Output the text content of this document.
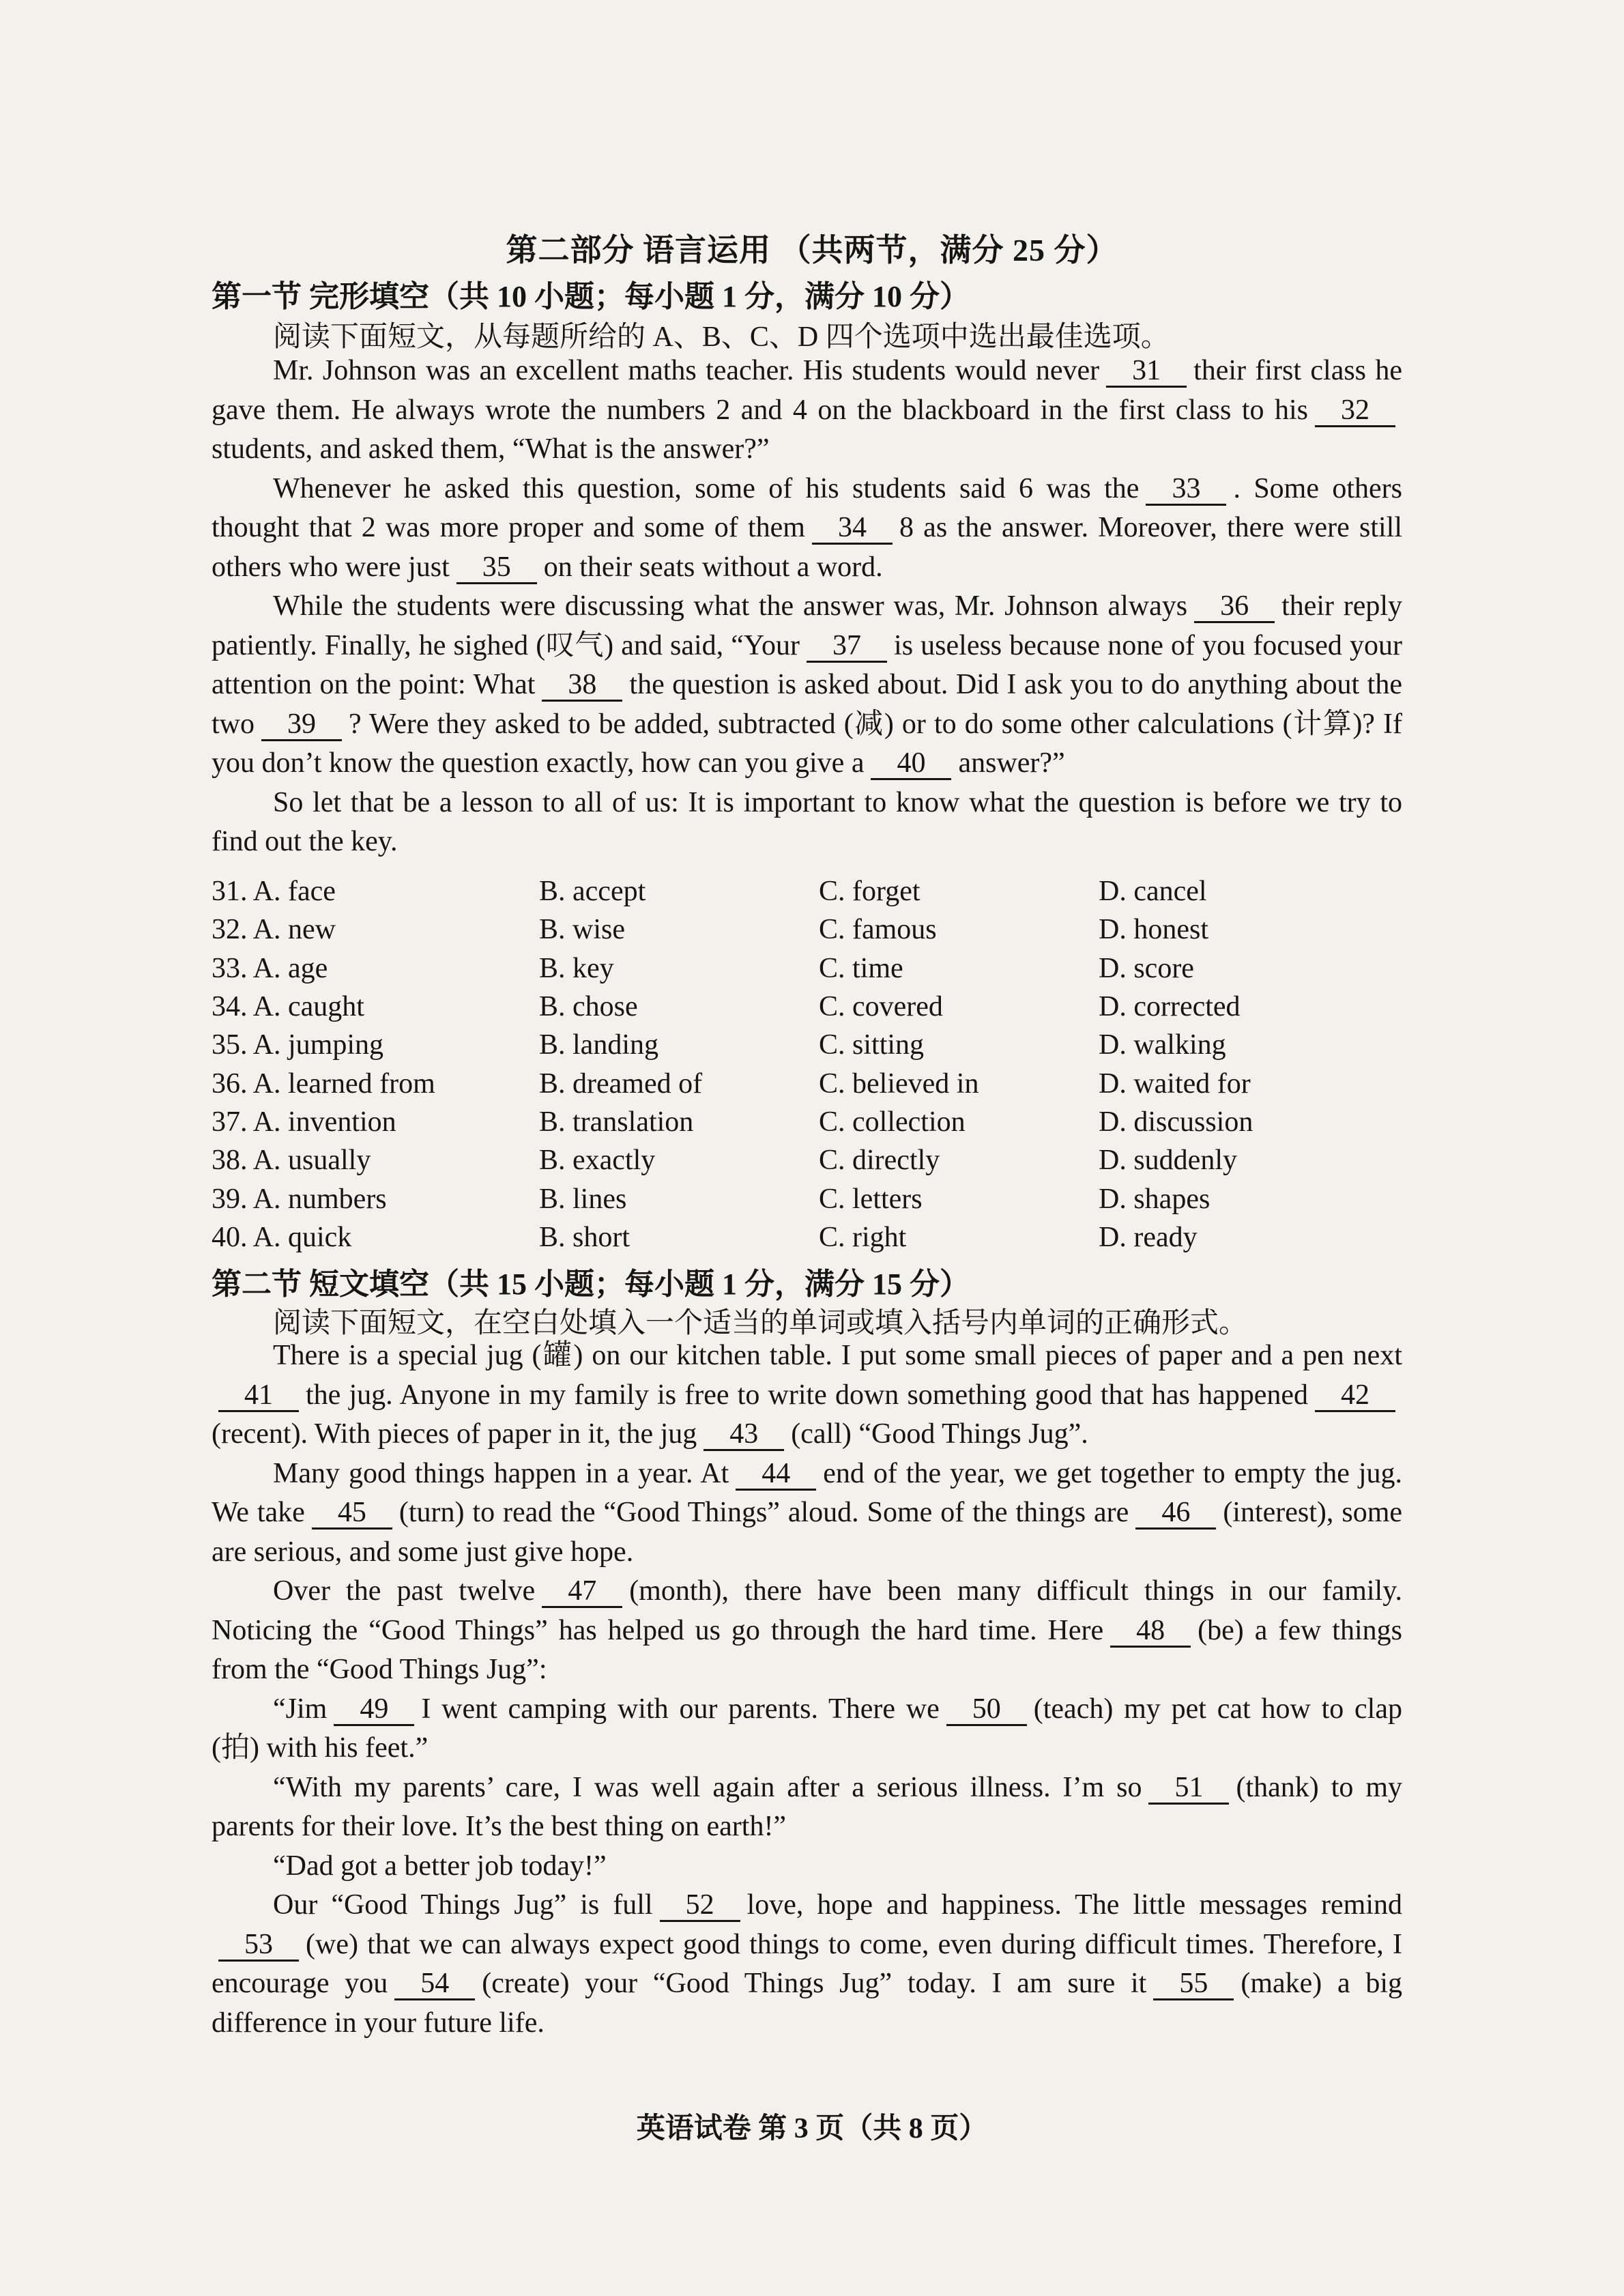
第二部分 语言运用 （共两节，满分 25 分）
第一节 完形填空（共 10 小题；每小题 1 分，满分 10 分）
阅读下面短文，从每题所给的 A、B、C、D 四个选项中选出最佳选项。

Mr. Johnson was an excellent maths teacher. His students would never 31 their first class he gave them. He always wrote the numbers 2 and 4 on the blackboard in the first class to his 32students, and asked them, “What is the answer?”

Whenever he asked this question, some of his students said 6 was the 33 . Some others thought that 2 was more proper and some of them 34 8 as the answer. Moreover, there were still others who were just 35 on their seats without a word.

While the students were discussing what the answer was, Mr. Johnson always 36 their reply patiently. Finally, he sighed (叹气) and said, “Your 37 is useless because none of you focused your attention on the point: What 38 the question is asked about. Did I ask you to do anything about the two 39 ? Were they asked to be added, subtracted (减) or to do some other calculations (计算)? If you don’t know the question exactly, how can you give a 40 answer?”

So let that be a lesson to all of us: It is important to know what the question is before we try to find out the key.

31. A. face	B. accept	C. forget	D. cancel
32. A. new	B. wise	C. famous	D. honest
33. A. age	B. key	C. time	D. score
34. A. caught	B. chose	C. covered	D. corrected
35. A. jumping	B. landing	C. sitting	D. walking
36. A. learned from	B. dreamed of	C. believed in	D. waited for
37. A. invention	B. translation	C. collection	D. discussion
38. A. usually	B. exactly	C. directly	D. suddenly
39. A. numbers	B. lines	C. letters	D. shapes
40. A. quick	B. short	C. right	D. ready
第二节 短文填空（共 15 小题；每小题 1 分，满分 15 分）
阅读下面短文，在空白处填入一个适当的单词或填入括号内单词的正确形式。

There is a special jug (罐) on our kitchen table. I put some small pieces of paper and a pen next41 the jug. Anyone in my family is free to write down something good that has happened 42(recent). With pieces of paper in it, the jug 43 (call) “Good Things Jug”.

Many good things happen in a year. At 44 end of the year, we get together to empty the jug. We take 45 (turn) to read the “Good Things” aloud. Some of the things are 46 (interest), some are serious, and some just give hope.

Over the past twelve 47 (month), there have been many difficult things in our family. Noticing the “Good Things” has helped us go through the hard time. Here 48 (be) a few things from the “Good Things Jug”:

“Jim 49 I went camping with our parents. There we 50 (teach) my pet cat how to clap (拍) with his feet.”

“With my parents’ care, I was well again after a serious illness. I’m so 51 (thank) to my parents for their love. It’s the best thing on earth!”

“Dad got a better job today!”

Our “Good Things Jug” is full 52 love, hope and happiness. The little messages remind53 (we) that we can always expect good things to come, even during difficult times. Therefore, I encourage you 54 (create) your “Good Things Jug” today. I am sure it 55 (make) a big difference in your future life.

英语试卷 第 3 页（共 8 页）
